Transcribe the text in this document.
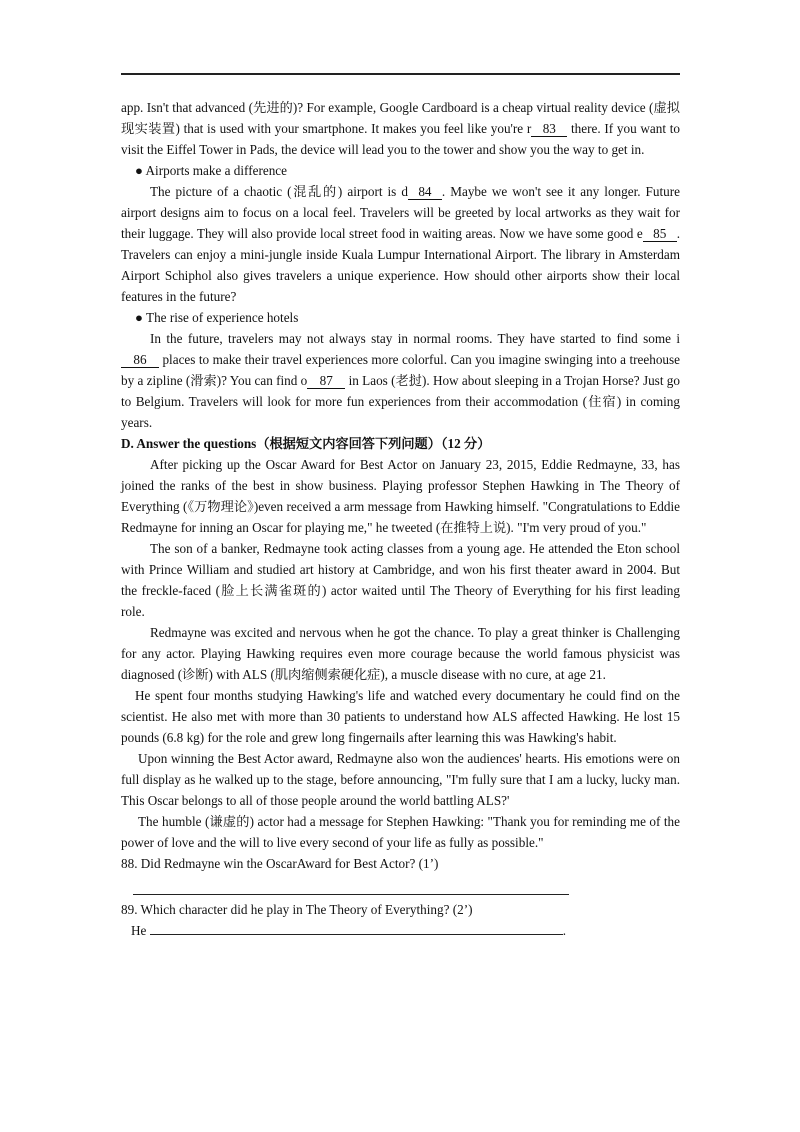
app. Isn't that advanced (先进的)? For example, Google Cardboard is a cheap virtual reality device (虚拟现实装置) that is used with your smartphone. It makes you feel like you're r 83 there. If you want to visit the Eiffel Tower in Pads, the device will lead you to the tower and show you the way to get in.

● Airports make a difference

The picture of a chaotic (混乱的) airport is d 84 . Maybe we won't see it any longer. Future airport designs aim to focus on a local feel. Travelers will be greeted by local artworks as they wait for their luggage. They will also provide local street food in waiting areas. Now we have some good e 85 . Travelers can enjoy a mini-jungle inside Kuala Lumpur International Airport. The library in Amsterdam Airport Schiphol also gives travelers a unique experience. How should other airports show their local features in the future?

● The rise of experience hotels

In the future, travelers may not always stay in normal rooms. They have started to find some i86 places to make their travel experiences more colorful. Can you imagine swinging into a treehouse by a zipline (滑索)? You can find o 87 in Laos (老挝). How about sleeping in a Trojan Horse? Just go to Belgium. Travelers will look for more fun experiences from their accommodation (住宿) in coming years.

D. Answer the questions（根据短文内容回答下列问题）（12 分）

After picking up the Oscar Award for Best Actor on January 23, 2015, Eddie Redmayne, 33, has joined the ranks of the best in show business. Playing professor Stephen Hawking in The Theory of Everything (《万物理论》)even received a arm message from Hawking himself. "Congratulations to Eddie Redmayne for inning an Oscar for playing me," he tweeted (在推特上说). "I'm very proud of you."

The son of a banker, Redmayne took acting classes from a young age. He attended the Eton school with Prince William and studied art history at Cambridge, and won his first theater award in 2004. But the freckle-faced (脸上长满雀斑的) actor waited until The Theory of Everything for his first leading role.

Redmayne was excited and nervous when he got the chance. To play a great thinker is Challenging for any actor. Playing Hawking requires even more courage because the world famous physicist was diagnosed (诊断) with ALS (肌肉缩侧索硬化症), a muscle disease with no cure, at age 21.

He spent four months studying Hawking's life and watched every documentary he could find on the scientist. He also met with more than 30 patients to understand how ALS affected Hawking. He lost 15 pounds (6.8 kg) for the role and grew long fingernails after learning this was Hawking's habit.

Upon winning the Best Actor award, Redmayne also won the audiences' hearts. His emotions were on full display as he walked up to the stage, before announcing, "I'm fully sure that I am a lucky, lucky man. This Oscar belongs to all of those people around the world battling ALS?'

The humble (谦虚的) actor had a message for Stephen Hawking: "Thank you for reminding me of the power of love and the will to live every second of your life as fully as possible."

88. Did Redmayne win the OscarAward for Best Actor? (1’)

89. Which character did he play in The Theory of Everything? (2’)

He	.
